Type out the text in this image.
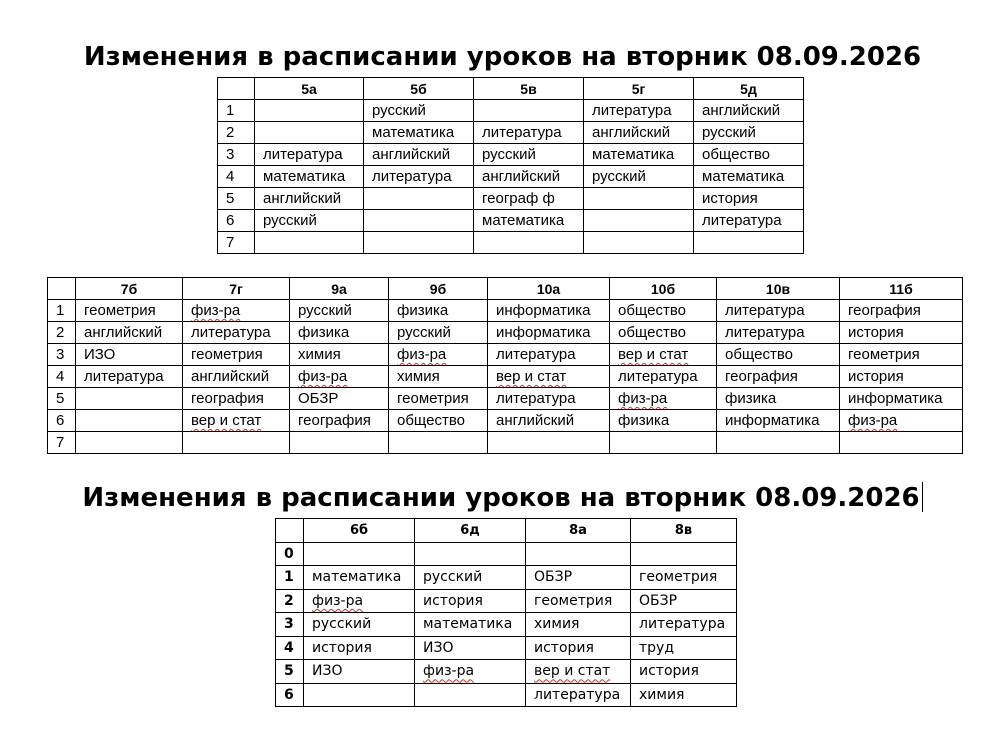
Изменения в расписании уроков на вторник 08.09.2026
	5а	5б	5в	5г	5д
1		русский		литература	английский
2		математика	литература	английский	русский
3	литература	английский	русский	математика	общество
4	математика	литература	английский	русский	математика
5	английский		географ ф		история
6	русский		математика		литература
7					
	7б	7г	9а	9б	10а	10б	10в	11б
1	геометрия	физ-ра	русский	физика	информатика	общество	литература	география
2	английский	литература	физика	русский	информатика	общество	литература	история
3	ИЗО	геометрия	химия	физ-ра	литература	вер и стат	общество	геометрия
4	литература	английский	физ-ра	химия	вер и стат	литература	география	история
5		география	ОБЗР	геометрия	литература	физ-ра	физика	информатика
6		вер и стат	география	общество	английский	физика	информатика	физ-ра
7								
Изменения в расписании уроков на вторник 08.09.2026
	6б	6д	8а	8в
0				
1	математика	русский	ОБЗР	геометрия
2	физ-ра	история	геометрия	ОБЗР
3	русский	математика	химия	литература
4	история	ИЗО	история	труд
5	ИЗО	физ-ра	вер и стат	история
6			литература	химия
